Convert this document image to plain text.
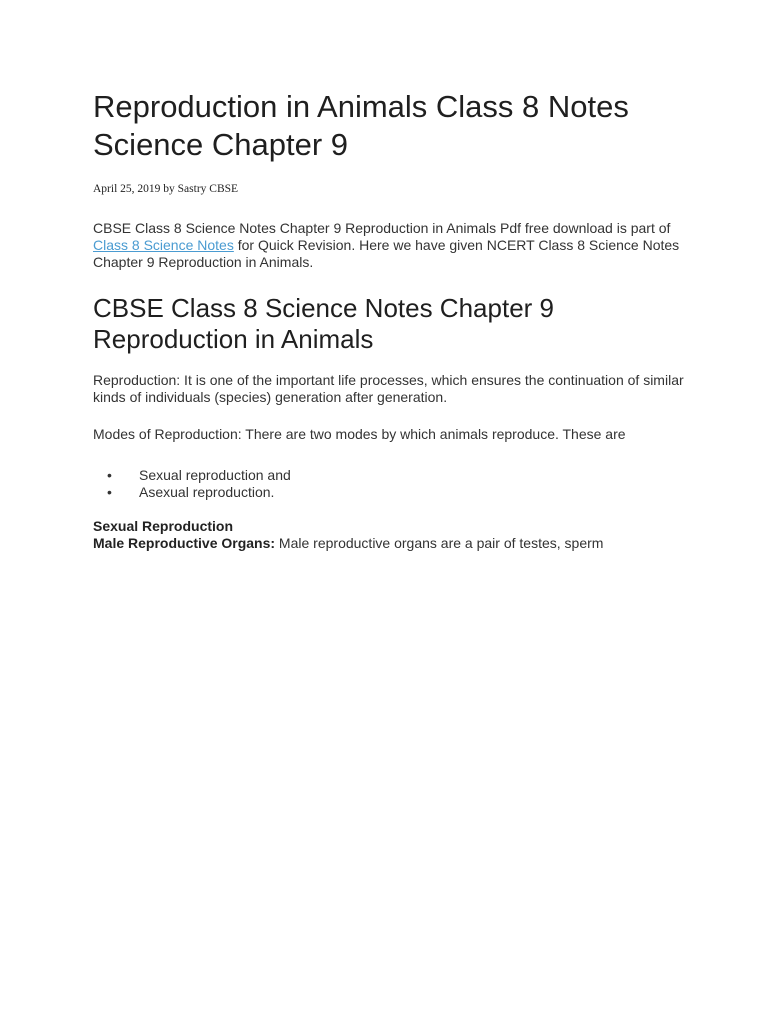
Reproduction in Animals Class 8 Notes Science Chapter 9
April 25, 2019 by Sastry CBSE

CBSE Class 8 Science Notes Chapter 9 Reproduction in Animals Pdf free download is part of Class 8 Science Notes for Quick Revision. Here we have given NCERT Class 8 Science Notes Chapter 9 Reproduction in Animals.

CBSE Class 8 Science Notes Chapter 9 Reproduction in Animals

Reproduction: It is one of the important life processes, which ensures the continuation of similar kinds of individuals (species) generation after generation.

Modes of Reproduction: There are two modes by which animals reproduce. These are

• Sexual reproduction and
• Asexual reproduction.
Sexual Reproduction

Male Reproductive Organs: Male reproductive organs are a pair of testes, sperm
